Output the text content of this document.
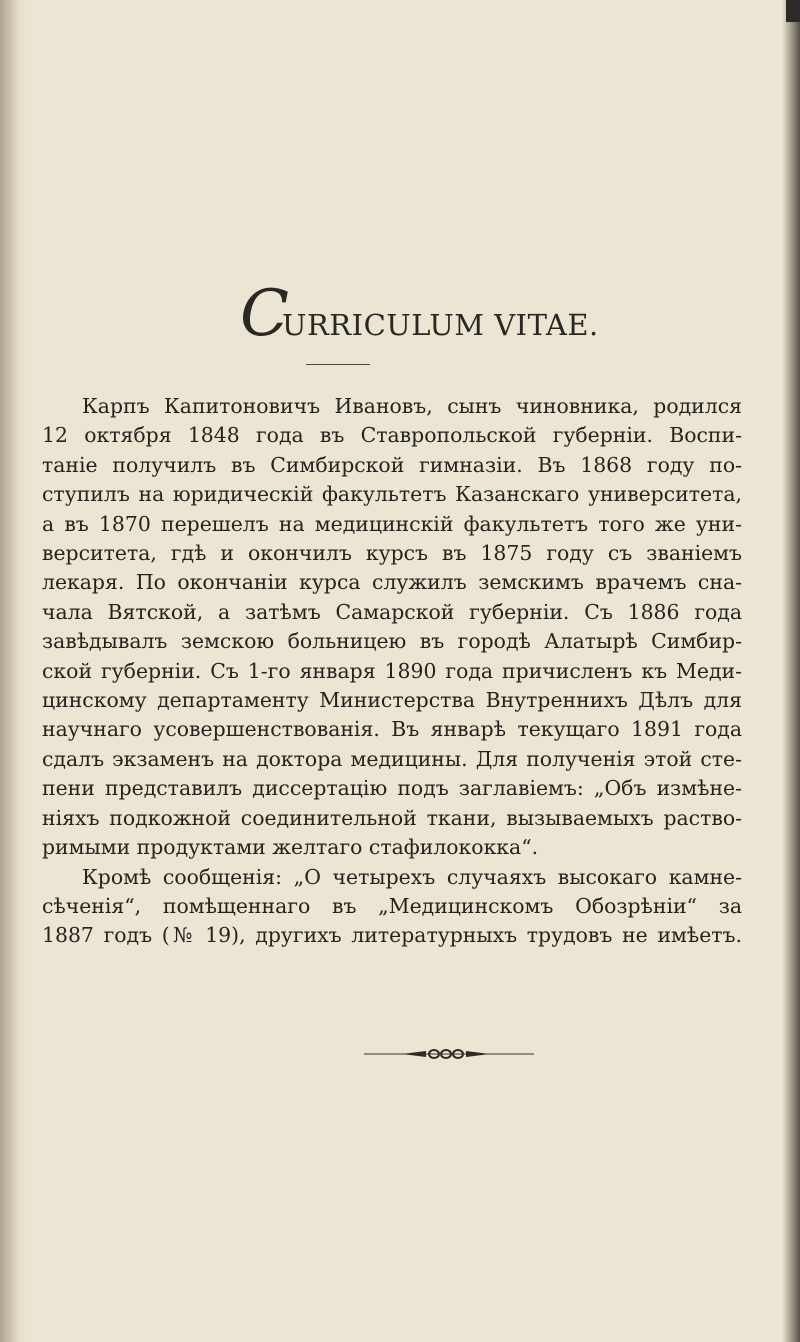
C
URRICULUM VITAE.
Карпъ Капитоновичъ Ивановъ, сынъ чиновника, родился
12 октября 1848 года въ Ставропольской губерніи. Воспи-
таніе получилъ въ Симбирской гимназіи. Въ 1868 году по-
ступилъ на юридическій факультетъ Казанскаго университета,
а въ 1870 перешелъ на медицинскій факультетъ того же уни-
верситета, гдѣ и окончилъ курсъ въ 1875 году съ званіемъ
лекаря. По окончаніи курса служилъ земскимъ врачемъ сна-
чала Вятской, а затѣмъ Самарской губерніи. Съ 1886 года
завѣдывалъ земскою больницею въ городѣ Алатырѣ Симбир-
ской губерніи. Съ 1-го января 1890 года причисленъ къ Меди-
цинскому департаменту Министерства Внутреннихъ Дѣлъ для
научнаго усовершенствованія. Въ январѣ текущаго 1891 года
сдалъ экзаменъ на доктора медицины. Для полученія этой сте-
пени представилъ диссертацію подъ заглавіемъ: „Объ измѣне-
ніяхъ подкожной соединительной ткани, вызываемыхъ раство-
римыми продуктами желтаго стафилококка“.
Кромѣ сообщенія: „О четырехъ случаяхъ высокаго камне-
сѣченія“, помѣщеннаго въ „Медицинскомъ Обозрѣніи“ за
1887 годъ (№ 19), другихъ литературныхъ трудовъ не имѣетъ.
